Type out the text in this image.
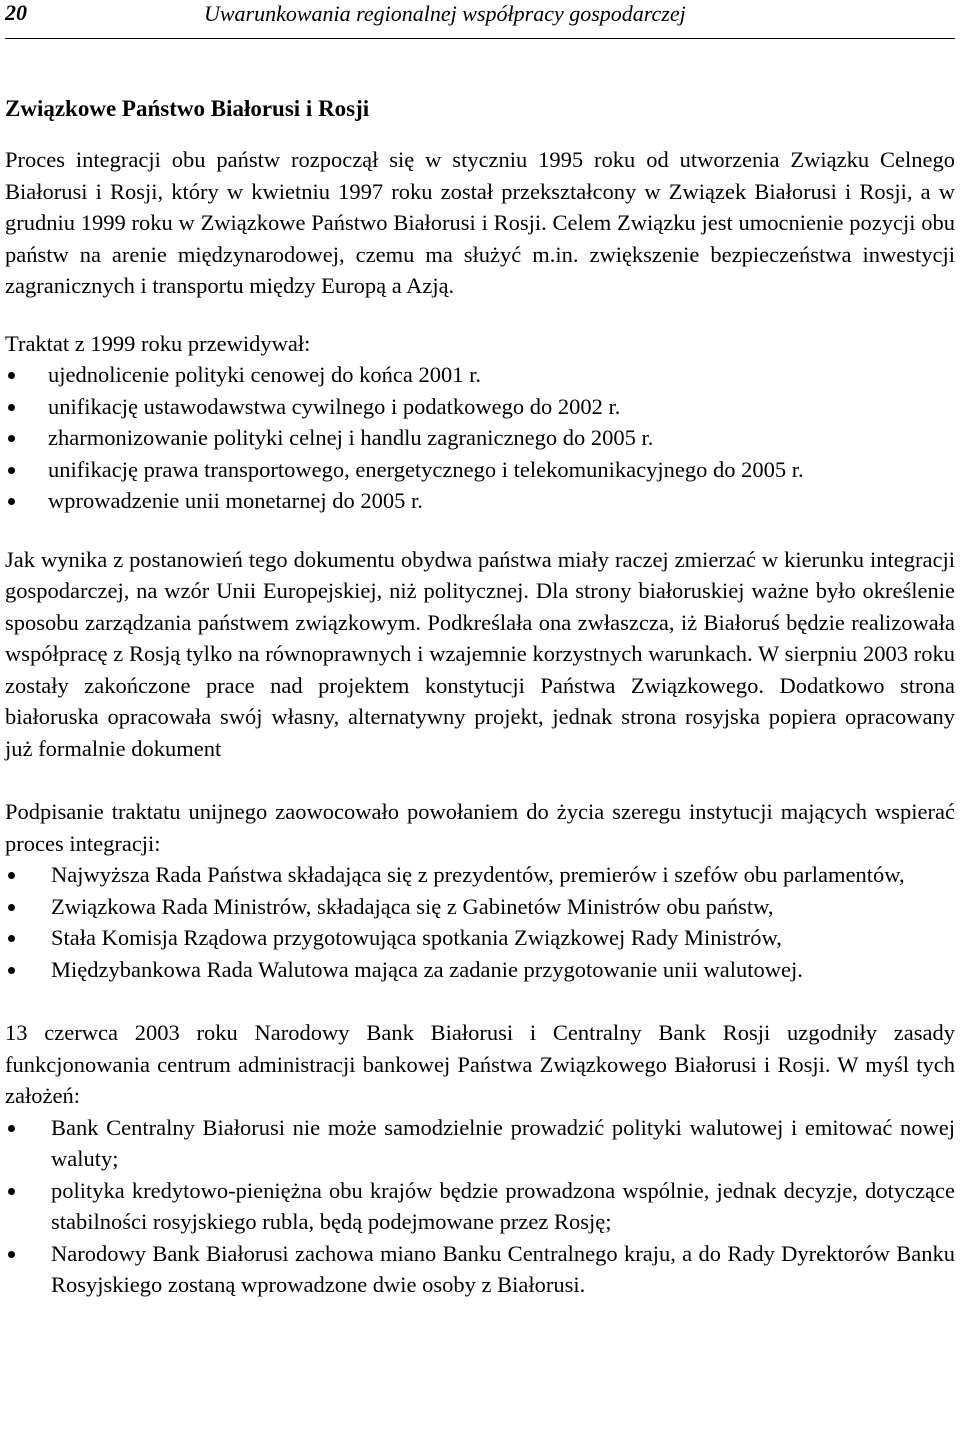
20	Uwarunkowania regionalnej współpracy gospodarczej
Związkowe Państwo Białorusi i Rosji

Proces integracji obu państw rozpoczął się w styczniu 1995 roku od utworzenia Związku Celnego Białorusi i Rosji, który w kwietniu 1997 roku został przekształcony w Związek Białorusi i Rosji, a w grudniu 1999 roku w Związkowe Państwo Białorusi i Rosji. Celem Związku jest umocnienie pozycji obu państw na arenie międzynarodowej, czemu ma służyć m.in. zwiększenie bezpieczeństwa inwestycji zagranicznych i transportu między Europą a Azją.

Traktat z 1999 roku przewidywał:

ujednolicenie polityki cenowej do końca 2001 r.
unifikację ustawodawstwa cywilnego i podatkowego do 2002 r.
zharmonizowanie polityki celnej i handlu zagranicznego do 2005 r.
unifikację prawa transportowego, energetycznego i telekomunikacyjnego do 2005 r.
wprowadzenie unii monetarnej do 2005 r.

Jak wynika z postanowień tego dokumentu obydwa państwa miały raczej zmierzać w kierunku integracji gospodarczej, na wzór Unii Europejskiej, niż politycznej. Dla strony białoruskiej ważne było określenie sposobu zarządzania państwem związkowym. Podkreślała ona zwłaszcza, iż Białoruś będzie realizowała współpracę z Rosją tylko na równoprawnych i wzajemnie korzystnych warunkach. W sierpniu 2003 roku zostały zakończone prace nad projektem konstytucji Państwa Związkowego. Dodatkowo strona białoruska opracowała swój własny, alternatywny projekt, jednak strona rosyjska popiera opracowany już formalnie dokument

Podpisanie traktatu unijnego zaowocowało powołaniem do życia szeregu instytucji mających wspierać proces integracji:

Najwyższa Rada Państwa składająca się z prezydentów, premierów i szefów obu parlamentów,
Związkowa Rada Ministrów, składająca się z Gabinetów Ministrów obu państw,
Stała Komisja Rządowa przygotowująca spotkania Związkowej Rady Ministrów,
Międzybankowa Rada Walutowa mająca za zadanie przygotowanie unii walutowej.

13 czerwca 2003 roku Narodowy Bank Białorusi i Centralny Bank Rosji uzgodniły zasady funkcjonowania centrum administracji bankowej Państwa Związkowego Białorusi i Rosji. W myśl tych założeń:

Bank Centralny Białorusi nie może samodzielnie prowadzić polityki walutowej i emitować nowej waluty;
polityka kredytowo-pieniężna obu krajów będzie prowadzona wspólnie, jednak decyzje, dotyczące stabilności rosyjskiego rubla, będą podejmowane przez Rosję;
Narodowy Bank Białorusi zachowa miano Banku Centralnego kraju, a do Rady Dyrektorów Banku Rosyjskiego zostaną wprowadzone dwie osoby z Białorusi.
